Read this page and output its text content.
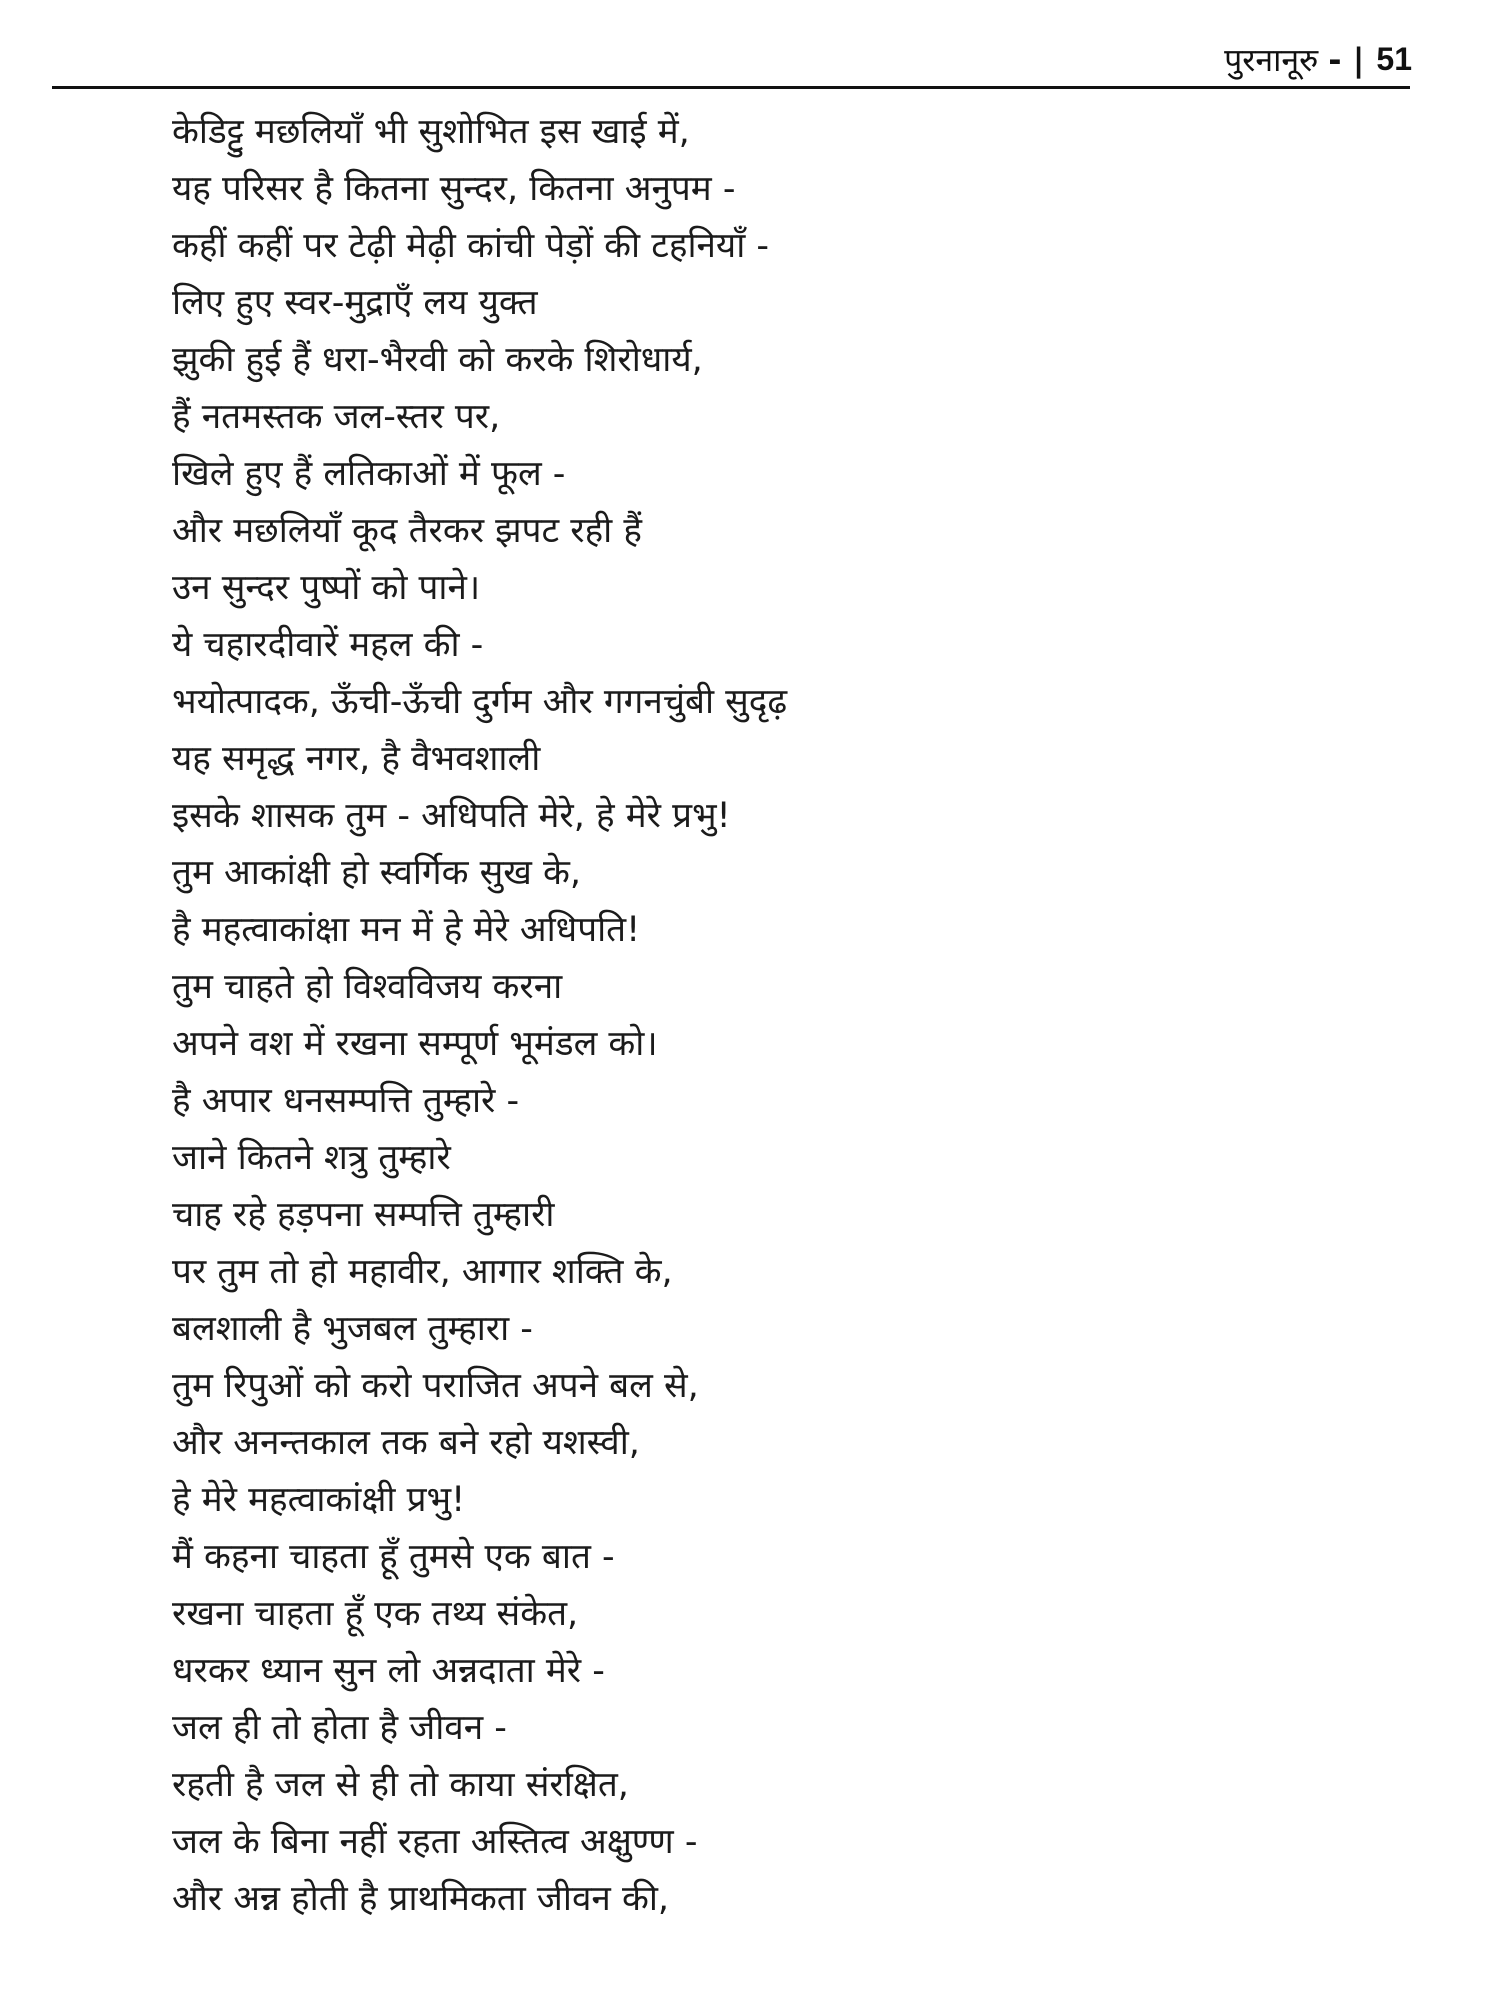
पुरनानूरु - | 51
केडिट्टु मछलियाँ भी सुशोभित इस खाई में,
यह परिसर है कितना सुन्दर, कितना अनुपम -
कहीं कहीं पर टेढ़ी मेढ़ी कांची पेड़ों की टहनियाँ -
लिए हुए स्वर-मुद्राएँ लय युक्त
झुकी हुई हैं धरा-भैरवी को करके शिरोधार्य,
हैं नतमस्तक जल-स्तर पर,
खिले हुए हैं लतिकाओं में फूल -
और मछलियाँ कूद तैरकर झपट रही हैं
उन सुन्दर पुष्पों को पाने।
ये चहारदीवारें महल की -
भयोत्पादक, ऊँची-ऊँची दुर्गम और गगनचुंबी सुदृढ़
यह समृद्ध नगर, है वैभवशाली
इसके शासक तुम - अधिपति मेरे, हे मेरे प्रभु!
तुम आकांक्षी हो स्वर्गिक सुख के,
है महत्वाकांक्षा मन में हे मेरे अधिपति!
तुम चाहते हो विश्वविजय करना
अपने वश में रखना सम्पूर्ण भूमंडल को।
है अपार धनसम्पत्ति तुम्हारे -
जाने कितने शत्रु तुम्हारे
चाह रहे हड़पना सम्पत्ति तुम्हारी
पर तुम तो हो महावीर, आगार शक्ति के,
बलशाली है भुजबल तुम्हारा -
तुम रिपुओं को करो पराजित अपने बल से,
और अनन्तकाल तक बने रहो यशस्वी,
हे मेरे महत्वाकांक्षी प्रभु!
मैं कहना चाहता हूँ तुमसे एक बात -
रखना चाहता हूँ एक तथ्य संकेत,
धरकर ध्यान सुन लो अन्नदाता मेरे -
जल ही तो होता है जीवन -
रहती है जल से ही तो काया संरक्षित,
जल के बिना नहीं रहता अस्तित्व अक्षुण्ण -
और अन्न होती है प्राथमिकता जीवन की,
